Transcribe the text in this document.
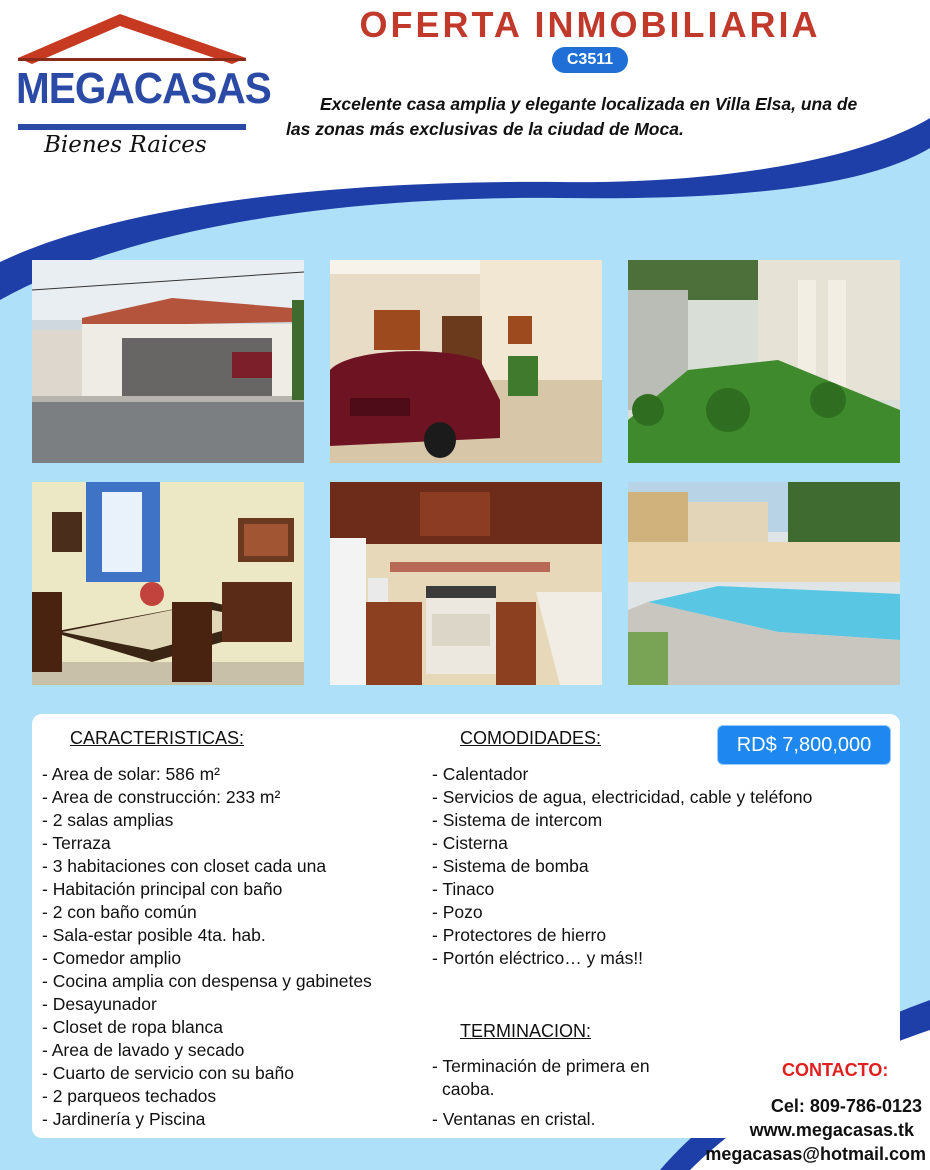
MEGACASAS
Bienes Raices
OFERTA INMOBILIARIA
C3511
Excelente casa amplia y elegante localizada en Villa Elsa, una de las zonas más exclusivas de la ciudad de Moca.
CARACTERISTICAS:
- Area de solar: 586 m²
- Area de construcción: 233 m²
- 2 salas amplias
- Terraza
- 3 habitaciones con closet cada una
- Habitación principal con baño
- 2 con baño común
- Sala-estar posible 4ta. hab.
- Comedor amplio
- Cocina amplia con despensa y gabinetes
- Desayunador
- Closet de ropa blanca
- Area de lavado y secado
- Cuarto de servicio con su baño
- 2 parqueos techados
- Jardinería y Piscina
COMODIDADES:
- Calentador
- Servicios de agua, electricidad, cable y teléfono
- Sistema de intercom
- Cisterna
- Sistema de bomba
- Tinaco
- Pozo
- Protectores de hierro
- Portón eléctrico… y más!!
RD$ 7,800,000
TERMINACION:
- Terminación de primera en
caoba.
- Ventanas en cristal.
CONTACTO:
Cel: 809-786-0123
www.megacasas.tk
megacasas@hotmail.com
